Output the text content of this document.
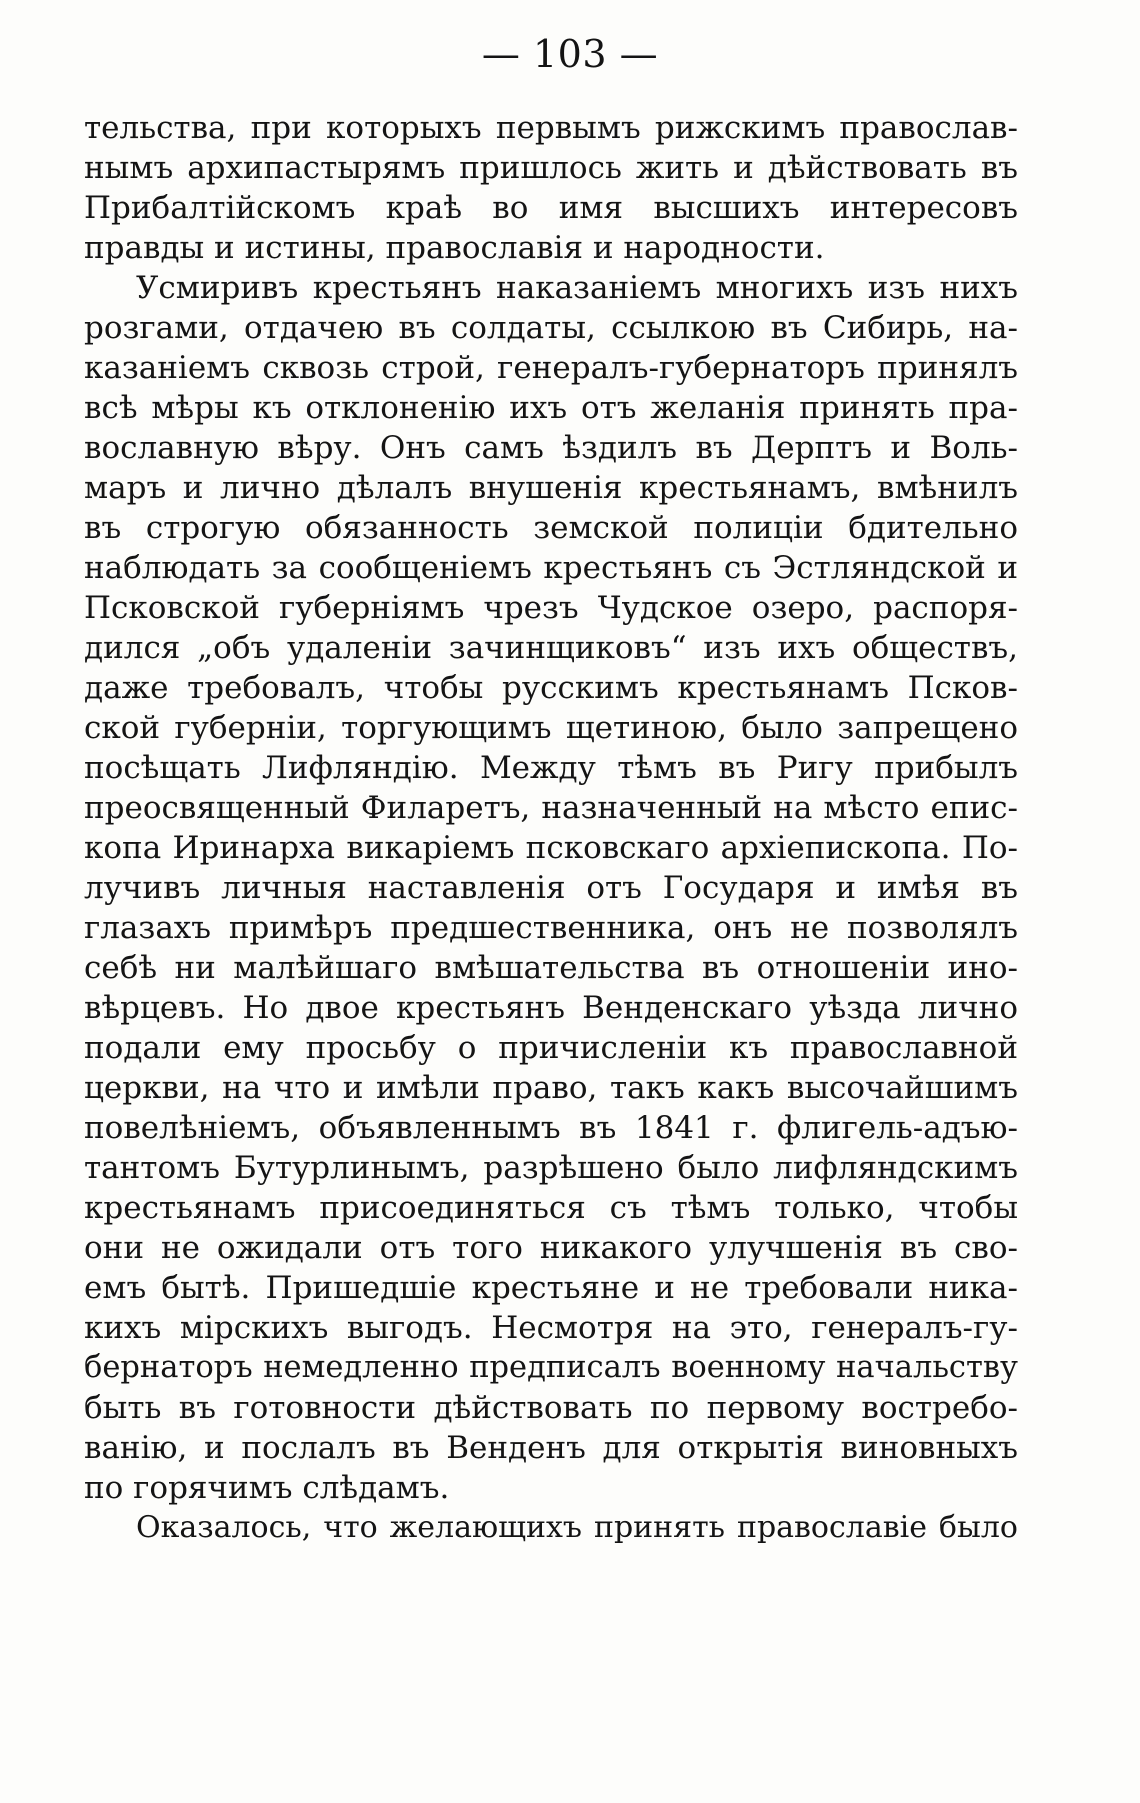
— 103 —
тельства, при которыхъ первымъ рижскимъ православ-
нымъ архипастырямъ пришлось жить и дѣйствовать въ
Прибалтiйскомъ краѣ во имя высшихъ интересовъ
правды и истины, православiя и народности.
Усмиривъ крестьянъ наказанiемъ многихъ изъ нихъ
розгами, отдачею въ солдаты, ссылкою въ Сибирь, на-
казанiемъ сквозь строй, генералъ-губернаторъ принялъ
всѣ мѣры къ отклоненiю ихъ отъ желанiя принять пра-
вославную вѣру. Онъ самъ ѣздилъ въ Дерптъ и Воль-
маръ и лично дѣлалъ внушенiя крестьянамъ, вмѣнилъ
въ строгую обязанность земской полицiи бдительно
наблюдать за сообщенiемъ крестьянъ съ Эстляндской и
Псковской губернiямъ чрезъ Чудское озеро, распоря-
дился „объ удаленiи зачинщиковъ“ изъ ихъ обществъ,
даже требовалъ, чтобы русскимъ крестьянамъ Псков-
ской губернiи, торгующимъ щетиною, было запрещено
посѣщать Лифляндiю. Между тѣмъ въ Ригу прибылъ
преосвященный Филаретъ, назначенный на мѣсто епис-
копа Иринарха викарiемъ псковскаго архiепископа. По-
лучивъ личныя наставленiя отъ Государя и имѣя въ
глазахъ примѣръ предшественника, онъ не позволялъ
себѣ ни малѣйшаго вмѣшательства въ отношенiи ино-
вѣрцевъ. Но двое крестьянъ Венденскаго уѣзда лично
подали ему просьбу о причисленiи къ православной
церкви, на что и имѣли право, такъ какъ высочайшимъ
повелѣнiемъ, объявленнымъ въ 1841 г. флигель-адъю-
тантомъ Бутурлинымъ, разрѣшено было лифляндскимъ
крестьянамъ присоединяться съ тѣмъ только, чтобы
они не ожидали отъ того никакого улучшенiя въ сво-
емъ бытѣ. Пришедшiе крестьяне и не требовали ника-
кихъ мiрскихъ выгодъ. Несмотря на это, генералъ-гу-
бернаторъ немедленно предписалъ военному начальству
быть въ готовности дѣйствовать по первому востребо-
ванiю, и послалъ въ Венденъ для открытiя виновныхъ
по горячимъ слѣдамъ.
Оказалось, что желающихъ принять православiе было
